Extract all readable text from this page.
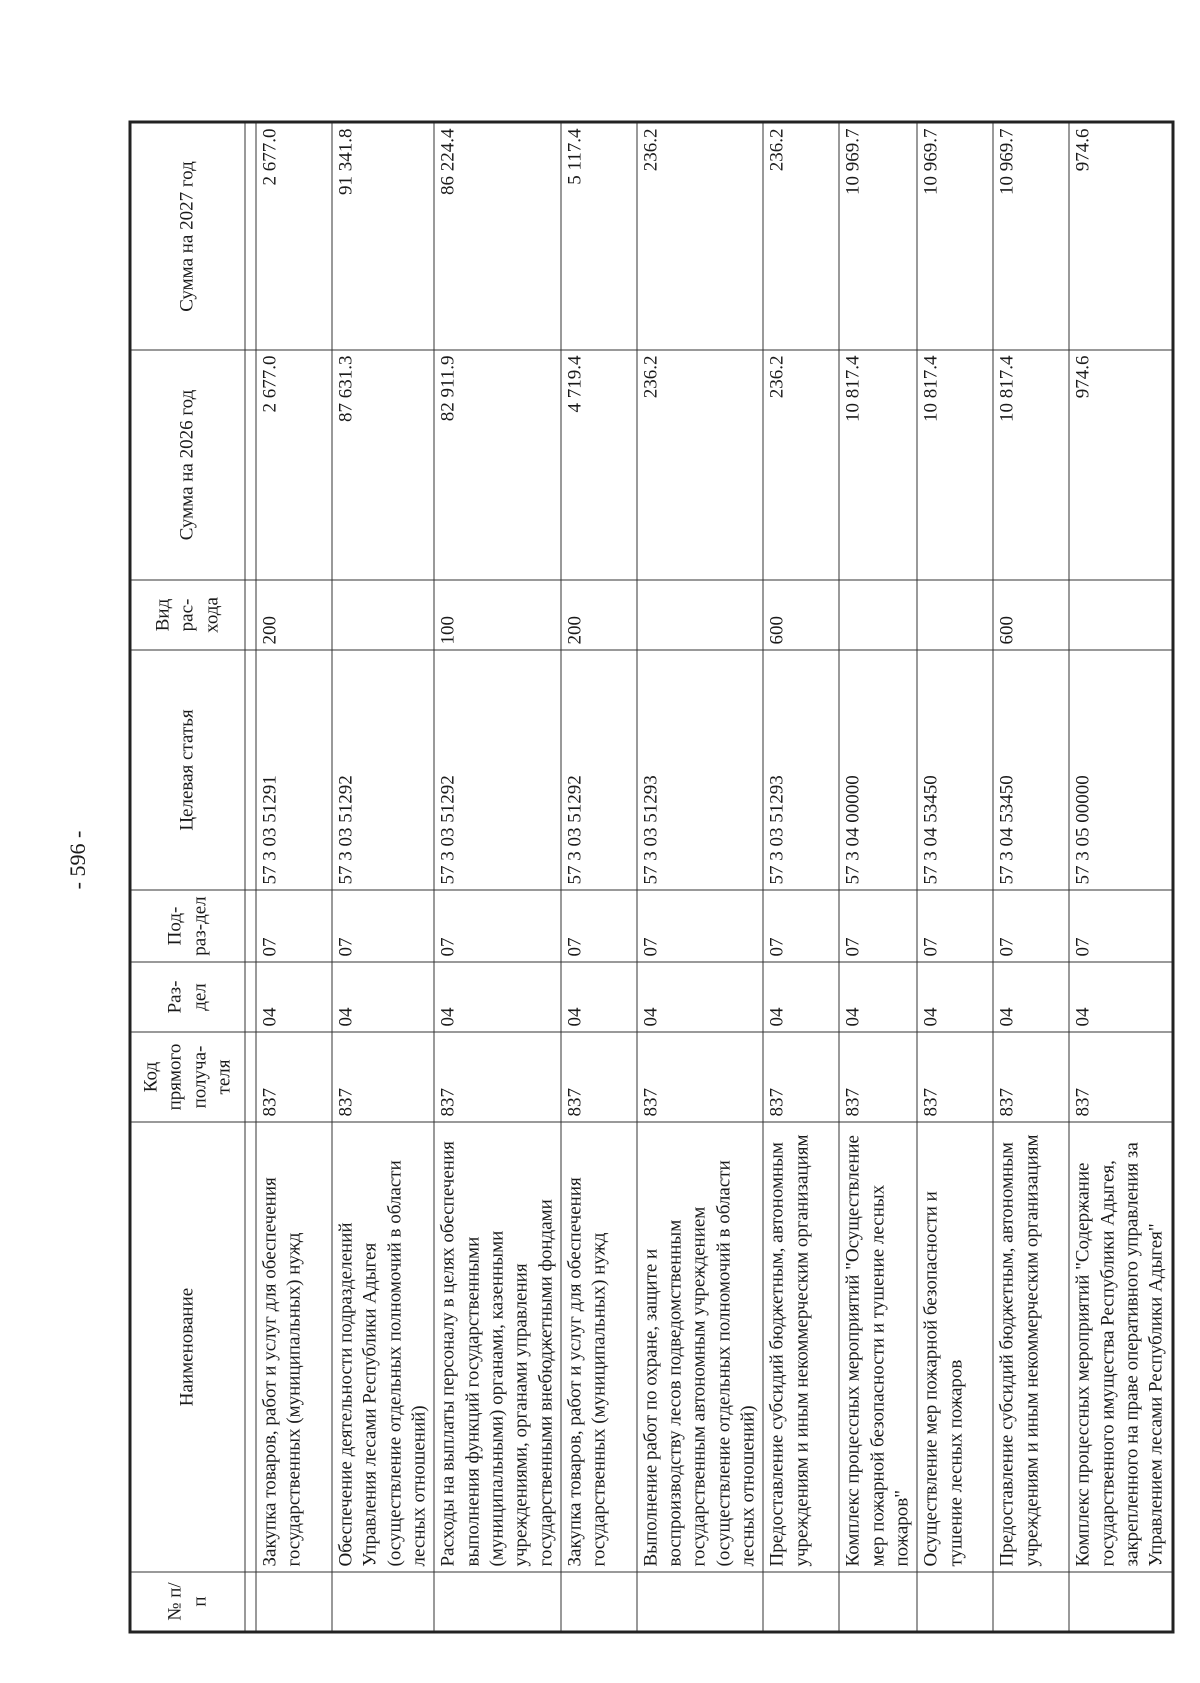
- 596 -
№ п/п	Наименование	Код прямого получа-теля	Раз-дел	Под-раз-дел	Целевая статья	Вид рас-хода	Сумма на 2026 год	Сумма на 2027 год

	Закупка товаров, работ и услуг для обеспечения государственных (муниципальных) нужд	837	04	07	57 3 03 51291	200	2 677.0	2 677.0
	Обеспечение деятельности подразделений Управления лесами Республики Адыгея (осуществление отдельных полномочий в области лесных отношений)	837	04	07	57 3 03 51292		87 631.3	91 341.8
	Расходы на выплаты персоналу в целях обеспечения выполнения функций государственными (муниципальными) органами, казенными учреждениями, органами управления государственными внебюджетными фондами	837	04	07	57 3 03 51292	100	82 911.9	86 224.4
	Закупка товаров, работ и услуг для обеспечения государственных (муниципальных) нужд	837	04	07	57 3 03 51292	200	4 719.4	5 117.4
	Выполнение работ по охране, защите и воспроизводству лесов подведомственным государственным автономным учреждением (осуществление отдельных полномочий в области лесных отношений)	837	04	07	57 3 03 51293		236.2	236.2
	Предоставление субсидий бюджетным, автономным учреждениям и иным некоммерческим организациям	837	04	07	57 3 03 51293	600	236.2	236.2
	Комплекс процессных мероприятий "Осуществление мер пожарной безопасности и тушение лесных пожаров"	837	04	07	57 3 04 00000		10 817.4	10 969.7
	Осуществление мер пожарной безопасности и тушение лесных пожаров	837	04	07	57 3 04 53450		10 817.4	10 969.7
	Предоставление субсидий бюджетным, автономным учреждениям и иным некоммерческим организациям	837	04	07	57 3 04 53450	600	10 817.4	10 969.7
	Комплекс процессных мероприятий "Содержание государственного имущества Республики Адыгея, закрепленного на праве оперативного управления за Управлением лесами Республики Адыгея"	837	04	07	57 3 05 00000		974.6	974.6
